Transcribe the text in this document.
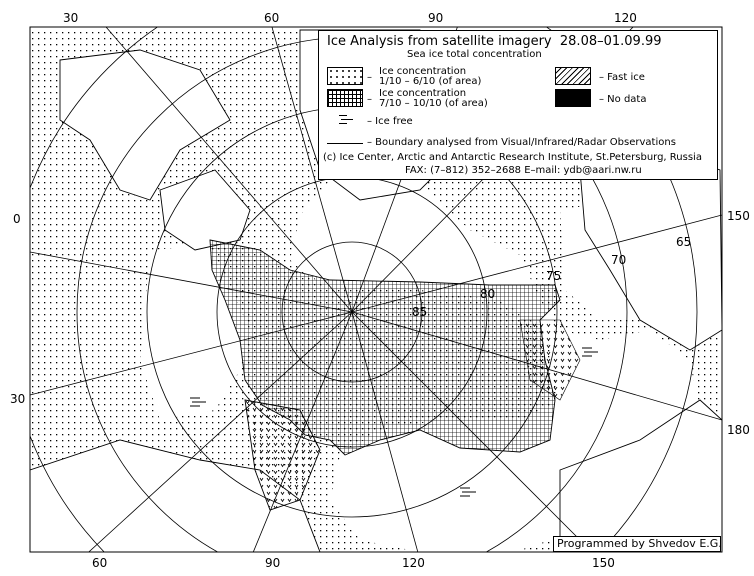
30	60	90	120
60	90	120	150
0
30
150
180
85
80
75
70
65
Ice Analysis from satellite imagery 28.08–01.09.99
Sea ice total concentration
–
Ice concentration
1/10 – 6/10 (of area)
–
Ice concentration
7/10 – 10/10 (of area)
– Ice free
– Fast ice
– No data
– Boundary analysed from Visual/Infrared/Radar Observations
(c) Ice Center, Arctic and Antarctic Research Institute, St.Petersburg, Russia
FAX: (7–812) 352–2688 E–mail: ydb@aari.nw.ru
Programmed by Shvedov E.G.
